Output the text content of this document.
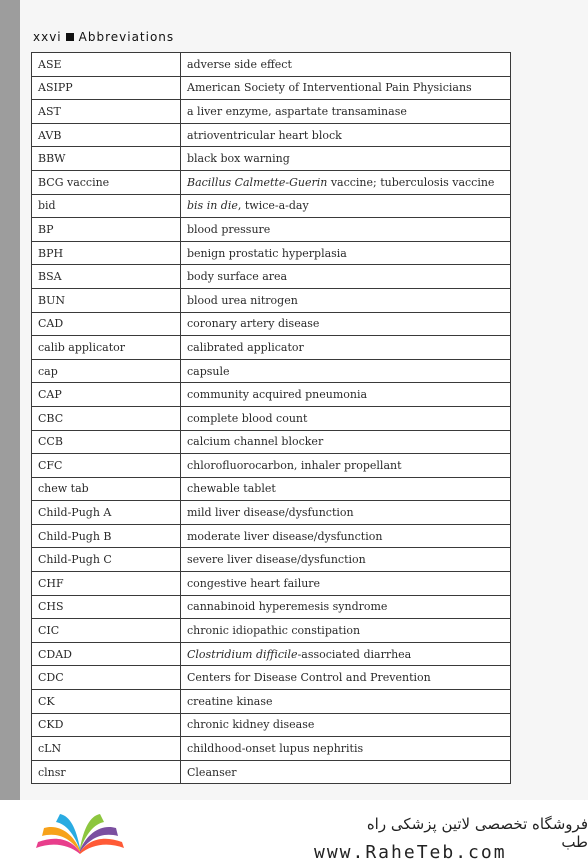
xxvi Abbreviations
ASE	adverse side effect
ASIPP	American Society of Interventional Pain Physicians
AST	a liver enzyme, aspartate transaminase
AVB	atrioventricular heart block
BBW	black box warning
BCG vaccine	Bacillus Calmette-Guerin vaccine; tuberculosis vaccine
bid	bis in die, twice-a-day
BP	blood pressure
BPH	benign prostatic hyperplasia
BSA	body surface area
BUN	blood urea nitrogen
CAD	coronary artery disease
calib applicator	calibrated applicator
cap	capsule
CAP	community acquired pneumonia
CBC	complete blood count
CCB	calcium channel blocker
CFC	chlorofluorocarbon, inhaler propellant
chew tab	chewable tablet
Child-Pugh A	mild liver disease/dysfunction
Child-Pugh B	moderate liver disease/dysfunction
Child-Pugh C	severe liver disease/dysfunction
CHF	congestive heart failure
CHS	cannabinoid hyperemesis syndrome
CIC	chronic idiopathic constipation
CDAD	Clostridium difficile-associated diarrhea
CDC	Centers for Disease Control and Prevention
CK	creatine kinase
CKD	chronic kidney disease
cLN	childhood-onset lupus nephritis
clnsr	Cleanser
فروشگاه تخصصی لاتین پزشکی راه طب
www.RaheTeb.com
